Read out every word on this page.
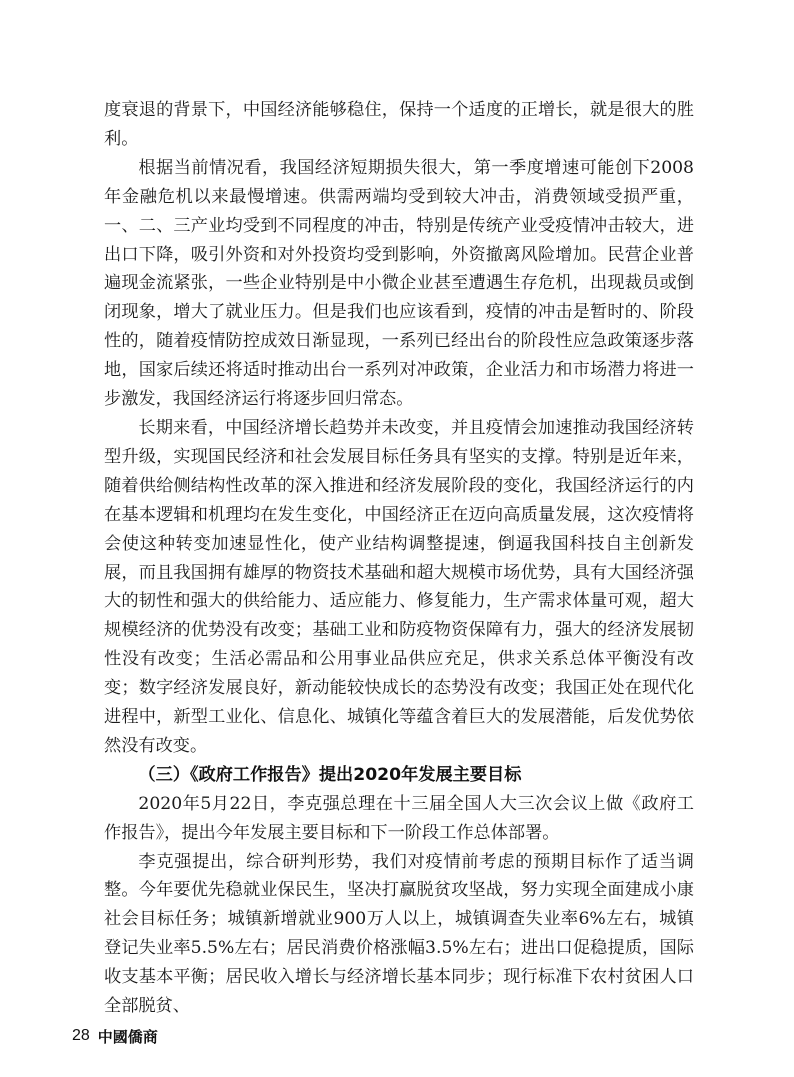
度衰退的背景下，中国经济能够稳住，保持一个适度的正增长，就是很大的胜利。

根据当前情况看，我国经济短期损失很大，第一季度增速可能创下2008年金融危机以来最慢增速。供需两端均受到较大冲击，消费领域受损严重，一、二、三产业均受到不同程度的冲击，特别是传统产业受疫情冲击较大，进出口下降，吸引外资和对外投资均受到影响，外资撤离风险增加。民营企业普遍现金流紧张，一些企业特别是中小微企业甚至遭遇生存危机，出现裁员或倒闭现象，增大了就业压力。但是我们也应该看到，疫情的冲击是暂时的、阶段性的，随着疫情防控成效日渐显现，一系列已经出台的阶段性应急政策逐步落地，国家后续还将适时推动出台一系列对冲政策，企业活力和市场潜力将进一步激发，我国经济运行将逐步回归常态。

长期来看，中国经济增长趋势并未改变，并且疫情会加速推动我国经济转型升级，实现国民经济和社会发展目标任务具有坚实的支撑。特别是近年来，随着供给侧结构性改革的深入推进和经济发展阶段的变化，我国经济运行的内在基本逻辑和机理均在发生变化，中国经济正在迈向高质量发展，这次疫情将会使这种转变加速显性化，使产业结构调整提速，倒逼我国科技自主创新发展，而且我国拥有雄厚的物资技术基础和超大规模市场优势，具有大国经济强大的韧性和强大的供给能力、适应能力、修复能力，生产需求体量可观，超大规模经济的优势没有改变；基础工业和防疫物资保障有力，强大的经济发展韧性没有改变；生活必需品和公用事业品供应充足，供求关系总体平衡没有改变；数字经济发展良好，新动能较快成长的态势没有改变；我国正处在现代化进程中，新型工业化、信息化、城镇化等蕴含着巨大的发展潜能，后发优势依然没有改变。

（三）《政府工作报告》提出2020年发展主要目标

2020年5月22日，李克强总理在十三届全国人大三次会议上做《政府工作报告》，提出今年发展主要目标和下一阶段工作总体部署。

李克强提出，综合研判形势，我们对疫情前考虑的预期目标作了适当调整。今年要优先稳就业保民生，坚决打赢脱贫攻坚战，努力实现全面建成小康社会目标任务；城镇新增就业900万人以上，城镇调查失业率6%左右，城镇登记失业率5.5%左右；居民消费价格涨幅3.5%左右；进出口促稳提质，国际收支基本平衡；居民收入增长与经济增长基本同步；现行标准下农村贫困人口全部脱贫、

28 中國僑商
